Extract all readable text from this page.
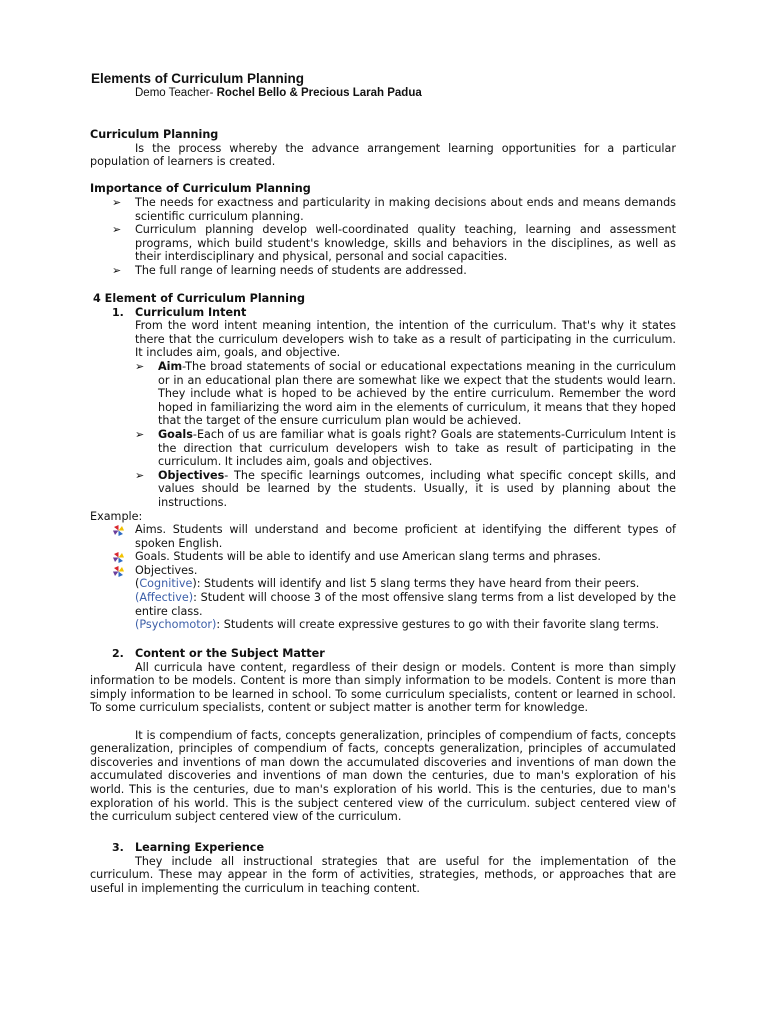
Elements of Curriculum Planning
Demo Teacher- Rochel Bello & Precious Larah Padua

Curriculum Planning

Is the process whereby the advance arrangement learning opportunities for a particular population of learners is created.

Importance of Curriculum Planning

➢ The needs for exactness and particularity in making decisions about ends and means demands scientific curriculum planning.
➢ Curriculum planning develop well-coordinated quality teaching, learning and assessment programs, which build student's knowledge, skills and behaviors in the disciplines, as well as their interdisciplinary and physical, personal and social capacities.
➢ The full range of learning needs of students are addressed.

4 Element of Curriculum Planning

1. Curriculum Intent

From the word intent meaning intention, the intention of the curriculum. That's why it states there that the curriculum developers wish to take as a result of participating in the curriculum. It includes aim, goals, and objective.

➢ Aim-The broad statements of social or educational expectations meaning in the curriculum or in an educational plan there are somewhat like we expect that the students would learn. They include what is hoped to be achieved by the entire curriculum. Remember the word hoped in familiarizing the word aim in the elements of curriculum, it means that they hoped that the target of the ensure curriculum plan would be achieved.
➢ Goals-Each of us are familiar what is goals right? Goals are statements-Curriculum Intent is the direction that curriculum developers wish to take as result of participating in the curriculum. It includes aim, goals and objectives.
➢ Objectives- The specific learnings outcomes, including what specific concept skills, and values should be learned by the students. Usually, it is used by planning about the instructions.

Example:

Aims. Students will understand and become proficient at identifying the different types of spoken English.
Goals. Students will be able to identify and use American slang terms and phrases.
Objectives.

(Cognitive): Students will identify and list 5 slang terms they have heard from their peers.

(Affective): Student will choose 3 of the most offensive slang terms from a list developed by the entire class.

(Psychomotor): Students will create expressive gestures to go with their favorite slang terms.

2. Content or the Subject Matter

All curricula have content, regardless of their design or models. Content is more than simply information to be models. Content is more than simply information to be models. Content is more than simply information to be learned in school. To some curriculum specialists, content or learned in school. To some curriculum specialists, content or subject matter is another term for knowledge.

It is compendium of facts, concepts generalization, principles of compendium of facts, concepts generalization, principles of compendium of facts, concepts generalization, principles of accumulated discoveries and inventions of man down the accumulated discoveries and inventions of man down the accumulated discoveries and inventions of man down the centuries, due to man's exploration of his world. This is the centuries, due to man's exploration of his world. This is the centuries, due to man's exploration of his world. This is the subject centered view of the curriculum. subject centered view of the curriculum subject centered view of the curriculum.

3. Learning Experience

They include all instructional strategies that are useful for the implementation of the curriculum. These may appear in the form of activities, strategies, methods, or approaches that are useful in implementing the curriculum in teaching content.
